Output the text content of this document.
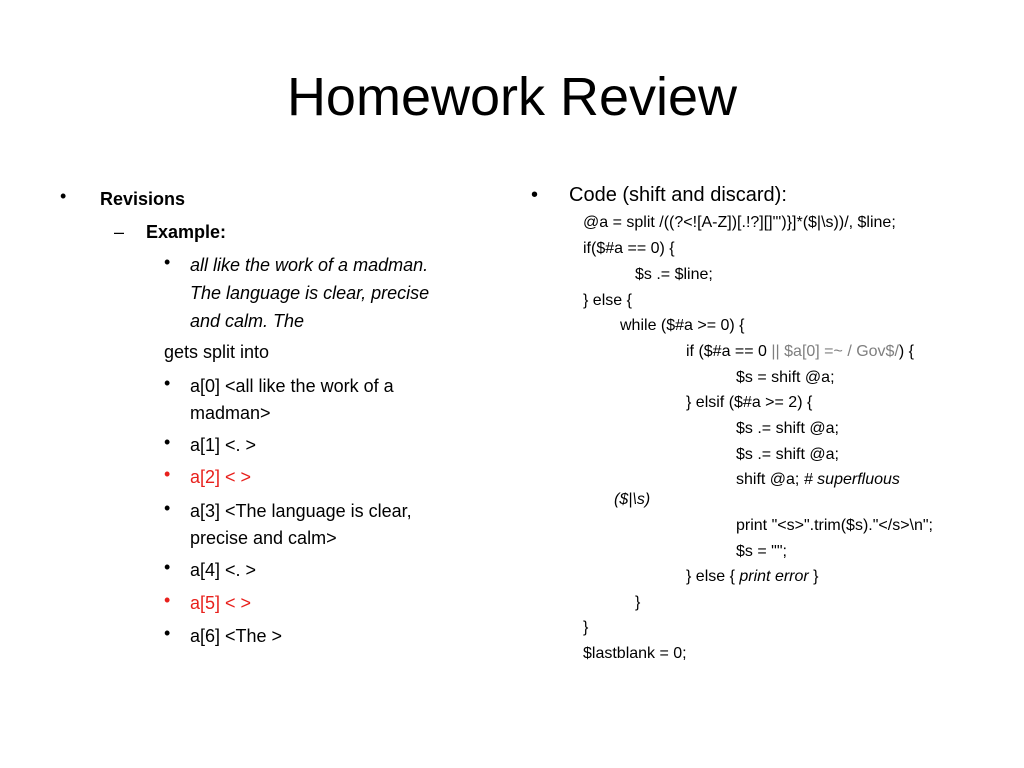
Homework Review
• Revisions
– Example:
• all like the work of a madman.
The language is clear, precise
and calm. The
gets split into
• a[0] <all like the work of a
madman>
• a[1] <. >
• a[2] < >
• a[3] <The language is clear,
precise and calm>
• a[4] <. >
• a[5] < >
• a[6] <The >
• Code (shift and discard):
@a = split /((?<![A-Z])[.!?][]"')}]*($|\s))/, $line;
if($#a == 0) {
$s .= $line;
} else {
while ($#a >= 0) {
if ($#a == 0 || $a[0] =~ / Gov$/) {
$s = shift @a;
} elsif ($#a >= 2) {
$s .= shift @a;
$s .= shift @a;
shift @a; # superfluous
($|\s)
print "<s>".trim($s)."</s>\n";
$s = "";
} else { print error }
}
}
$lastblank = 0;
